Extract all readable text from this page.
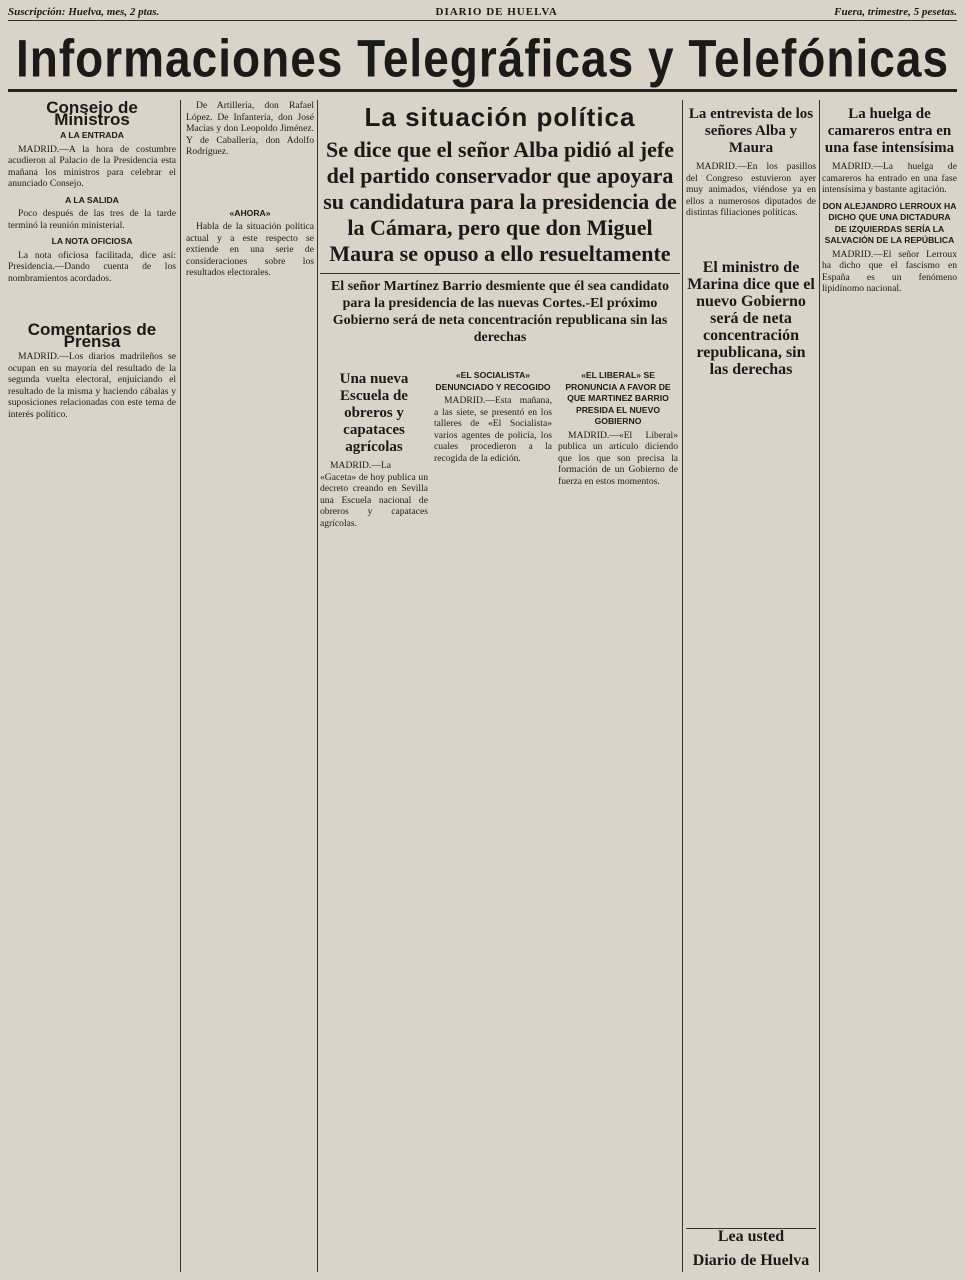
Suscripción: Huelva, mes, 2 ptas.	DIARIO DE HUELVA	Fuera, trimestre, 5 pesetas.
Informaciones Telegráficas y Telefónicas
Consejo de Ministros
A LA ENTRADA

MADRID.—A la hora de costumbre acudieron al Palacio de la Presidencia esta mañana los ministros para celebrar el anunciado Consejo.

A LA SALIDA

Poco después de las tres de la tarde terminó la reunión ministerial.

LA NOTA OFICIOSA

La nota oficiosa facilitada, dice así: Presidencia.—Dando cuenta de los nombramientos acordados.

Comentarios de Prensa

MADRID.—Los diarios madrileños se ocupan en su mayoría del resultado de la segunda vuelta electoral, enjuiciando el resultado de la misma y haciendo cábalas y suposiciones relacionadas con este tema de interés político.

De Artillería, don Rafael López. De Infantería, don José Macías y don Leopoldo Jiménez. Y de Caballería, don Adolfo Rodríguez.

«AHORA»

Habla de la situación política actual y a este respecto se extiende en una serie de consideraciones sobre los resultados electorales.

La situación política
Se dice que el señor Alba pidió al jefe del partido conservador que apoyara su candidatura para la presidencia de la Cámara, pero que don Miguel Maura se opuso a ello resueltamente
El señor Martínez Barrio desmiente que él sea candidato para la presidencia de las nuevas Cortes.-El próximo Gobierno será de neta concentración republicana sin las derechas
Una nueva Escuela de obreros y capataces agrícolas

MADRID.—La «Gaceta» de hoy publica un decreto creando en Sevilla una Escuela nacional de obreros y capataces agrícolas.

«EL SOCIALISTA» DENUNCIADO Y RECOGIDO

MADRID.—Esta mañana, a las siete, se presentó en los talleres de «El Socialista» varios agentes de policía, los cuales procedieron a la recogida de la edición.

«EL LIBERAL» SE PRONUNCIA A FAVOR DE QUE MARTINEZ BARRIO PRESIDA EL NUEVO GOBIERNO

MADRID.—«El Liberal» publica un artículo diciendo que los que son precisa la formación de un Gobierno de fuerza en estos momentos.

La entrevista de los señores Alba y Maura

MADRID.—En los pasillos del Congreso estuvieron ayer muy animados, viéndose ya en ellos a numerosos diputados de distintas filiaciones políticas.

El ministro de Marina dice que el nuevo Gobierno será de neta concentración republicana, sin las derechas
Lea usted
Diario de Huelva
La huelga de camareros entra en una fase intensísima

MADRID.—La huelga de camareros ha entrado en una fase intensísima y bastante agitación.

DON ALEJANDRO LERROUX HA DICHO QUE UNA DICTADURA DE IZQUIERDAS SERÍA LA SALVACIÓN DE LA REPÚBLICA

MADRID.—El señor Lerroux ha dicho que el fascismo en España es un fenómeno lipidínomo nacional.
